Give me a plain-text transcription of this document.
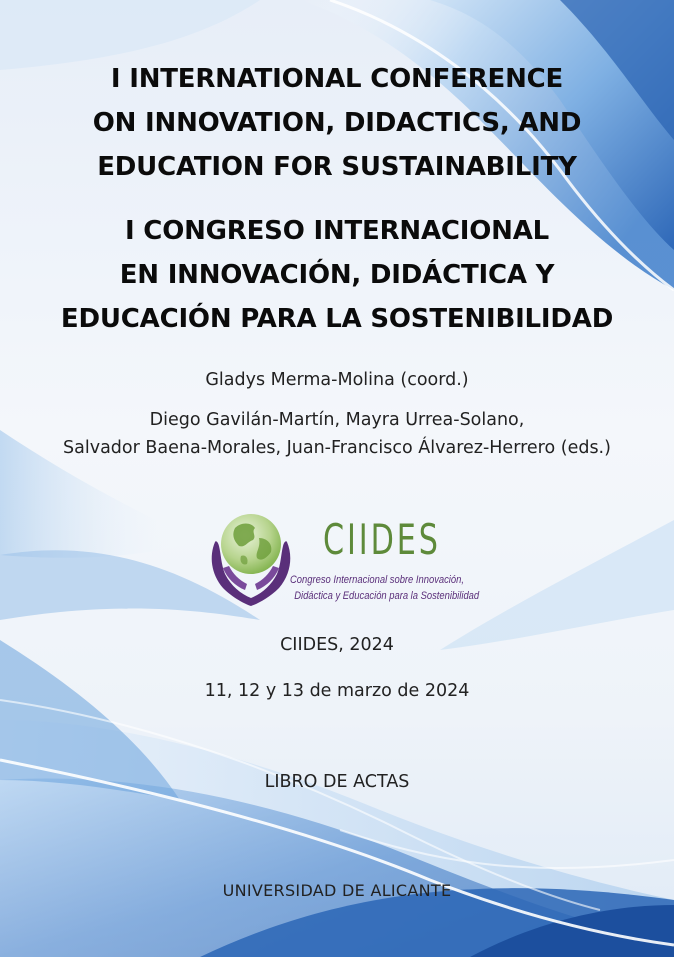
I INTERNATIONAL CONFERENCE
ON INNOVATION, DIDACTICS, AND
EDUCATION FOR SUSTAINABILITY
I CONGRESO INTERNACIONAL
EN INNOVACIÓN, DIDÁCTICA Y
EDUCACIÓN PARA LA SOSTENIBILIDAD
Gladys Merma-Molina (coord.)
Diego Gavilán-Martín, Mayra Urrea-Solano,
Salvador Baena-Morales, Juan-Francisco Álvarez-Herrero (eds.)
CIIDES
Congreso Internacional sobre Innovación,
Didáctica y Educación para la Sostenibilidad
CIIDES, 2024
11, 12 y 13 de marzo de 2024
LIBRO DE ACTAS
UNIVERSIDAD DE ALICANTE
